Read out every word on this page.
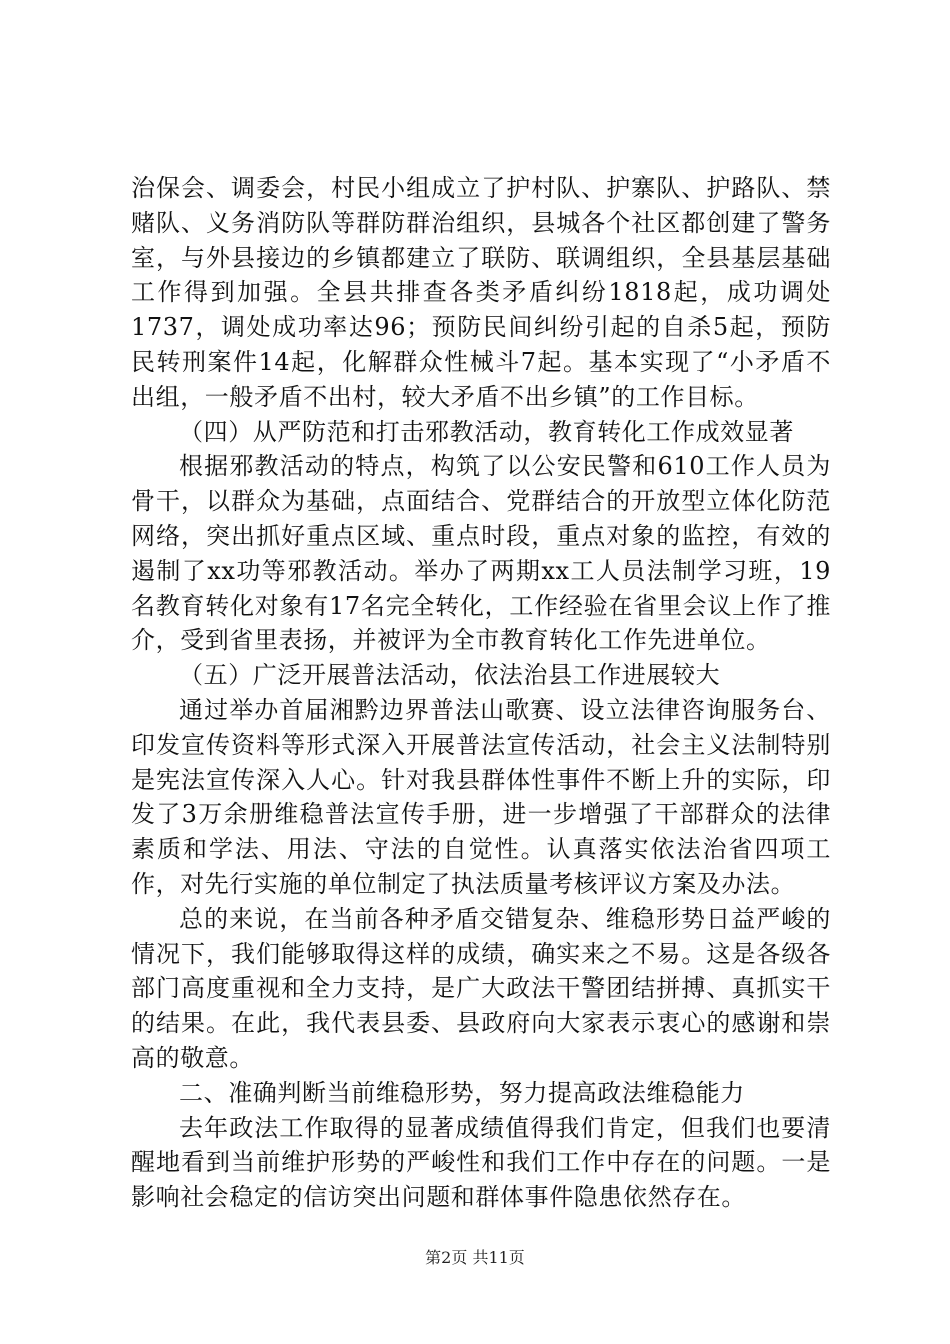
治保会、调委会，村民小组成立了护村队、护寨队、护路队、禁赌队、义务消防队等群防群治组织，县城各个社区都创建了警务室，与外县接边的乡镇都建立了联防、联调组织，全县基层基础工作得到加强。全县共排查各类矛盾纠纷1818起，成功调处1737，调处成功率达96；预防民间纠纷引起的自杀5起，预防民转刑案件14起，化解群众性械斗7起。基本实现了“小矛盾不出组，一般矛盾不出村，较大矛盾不出乡镇”的工作目标。

（四）从严防范和打击邪教活动，教育转化工作成效显著

根据邪教活动的特点，构筑了以公安民警和610工作人员为骨干，以群众为基础，点面结合、党群结合的开放型立体化防范网络，突出抓好重点区域、重点时段，重点对象的监控，有效的遏制了xx功等邪教活动。举办了两期xx工人员法制学习班，19名教育转化对象有17名完全转化，工作经验在省里会议上作了推介，受到省里表扬，并被评为全市教育转化工作先进单位。

（五）广泛开展普法活动，依法治县工作进展较大

通过举办首届湘黔边界普法山歌赛、设立法律咨询服务台、印发宣传资料等形式深入开展普法宣传活动，社会主义法制特别是宪法宣传深入人心。针对我县群体性事件不断上升的实际，印发了3万余册维稳普法宣传手册，进一步增强了干部群众的法律素质和学法、用法、守法的自觉性。认真落实依法治省四项工作，对先行实施的单位制定了执法质量考核评议方案及办法。

总的来说，在当前各种矛盾交错复杂、维稳形势日益严峻的情况下，我们能够取得这样的成绩，确实来之不易。这是各级各部门高度重视和全力支持，是广大政法干警团结拼搏、真抓实干的结果。在此，我代表县委、县政府向大家表示衷心的感谢和崇高的敬意。

二、准确判断当前维稳形势，努力提高政法维稳能力

去年政法工作取得的显著成绩值得我们肯定，但我们也要清醒地看到当前维护形势的严峻性和我们工作中存在的问题。一是影响社会稳定的信访突出问题和群体事件隐患依然存在。

第2页 共11页
